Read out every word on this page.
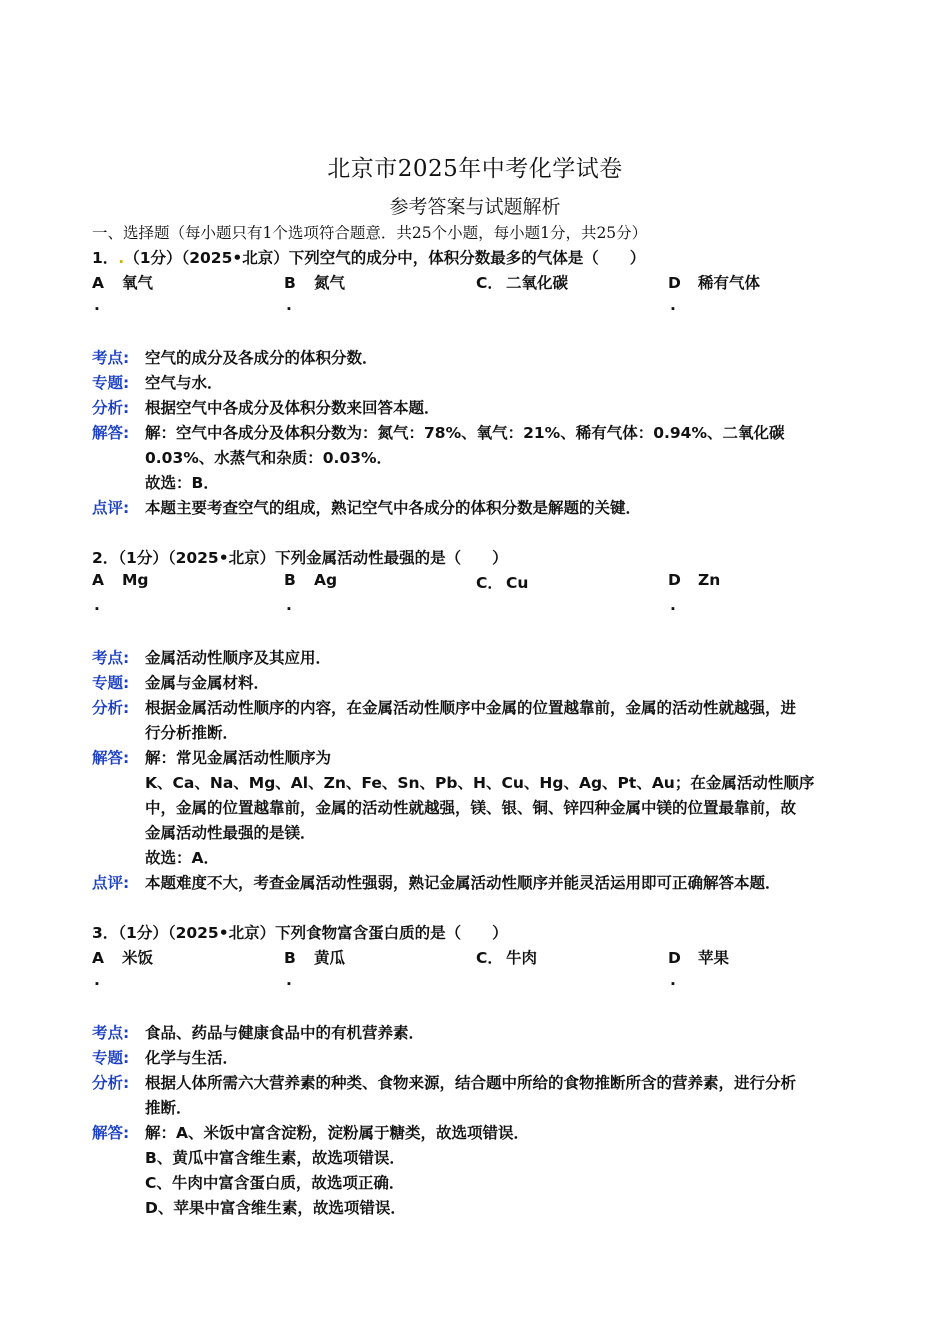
北京市2025年中考化学试卷
参考答案与试题解析
一、选择题（每小题只有1个选项符合题意．共25个小题，每小题1分，共25分）
1．.（1分）（2025•北京）下列空气的成分中，体积分数最多的气体是（　　）
A 氧气	B 氮气	C． 二氧化碳	D 稀有气体
.	.	.
考点: 空气的成分及各成分的体积分数．
专题: 空气与水．
分析: 根据空气中各成分及体积分数来回答本题．
解答: 解：空气中各成分及体积分数为：氮气：78%、氧气：21%、稀有气体：0.94%、二氧化碳
0.03%、水蒸气和杂质：0.03%．
故选：B．
点评: 本题主要考查空气的组成，熟记空气中各成分的体积分数是解题的关键．
2．（1分）（2025•北京）下列金属活动性最强的是（　　）
A Mg	B Ag	C． Cu	D Zn
.	.	.
考点: 金属活动性顺序及其应用．
专题: 金属与金属材料．
分析: 根据金属活动性顺序的内容，在金属活动性顺序中金属的位置越靠前，金属的活动性就越强，进
行分析推断．
解答: 解：常见金属活动性顺序为
K、Ca、Na、Mg、Al、Zn、Fe、Sn、Pb、H、Cu、Hg、Ag、Pt、Au；在金属活动性顺序
中，金属的位置越靠前，金属的活动性就越强，镁、银、铜、锌四种金属中镁的位置最靠前，故
金属活动性最强的是镁．
故选：A．
点评: 本题难度不大，考查金属活动性强弱，熟记金属活动性顺序并能灵活运用即可正确解答本题．
3．（1分）（2025•北京）下列食物富含蛋白质的是（　　）
A 米饭	B 黄瓜	C． 牛肉	D 苹果
.	.	.
考点: 食品、药品与健康食品中的有机营养素．
专题: 化学与生活．
分析: 根据人体所需六大营养素的种类、食物来源，结合题中所给的食物推断所含的营养素，进行分析
推断．
解答: 解：A、米饭中富含淀粉，淀粉属于糖类，故选项错误．
B、黄瓜中富含维生素，故选项错误．
C、牛肉中富含蛋白质，故选项正确．
D、苹果中富含维生素，故选项错误．
